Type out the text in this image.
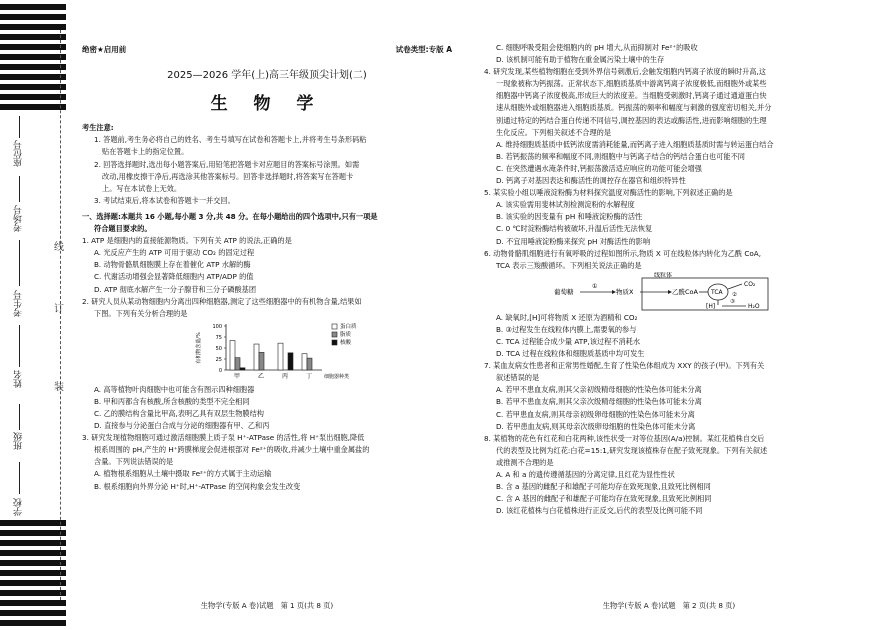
座位号
考场号
考生号
姓名
班级
学校
线
订
装
绝密★启用前	试卷类型:专版 A
2025—2026 学年(上)高三年级顶尖计划(二)
生 物 学
考生注意:
1. 答题前,考生务必将自己的姓名、考生号填写在试卷和答题卡上,并将考生号条形码粘
贴在答题卡上的指定位置。
2. 回答选择题时,选出每小题答案后,用铅笔把答题卡对应题目的答案标号涂黑。如需
改动,用橡皮擦干净后,再选涂其他答案标号。回答非选择题时,将答案写在答题卡
上。写在本试卷上无效。
3. 考试结束后,将本试卷和答题卡一并交回。
一、选择题:本题共 16 小题,每小题 3 分,共 48 分。在每小题给出的四个选项中,只有一项是
符合题目要求的。
1. ATP 是细胞内的直接能源物质。下列有关 ATP 的说法,正确的是
A. 光反应产生的 ATP 可用于驱动 CO₂ 的固定过程
B. 动物骨骼肌细胞膜上存在着催化 ATP 水解的酶
C. 代谢活动增强会显著降低细胞内 ATP/ADP 的值
D. ATP 彻底水解产生一分子腺苷和三分子磷酸基团
2. 研究人员从某动物细胞内分离出四种细胞器,测定了这些细胞器中的有机物含量,结果如
下图。下列有关分析合理的是
0
25
50
75
100
有机物含量/%
甲	乙	丙	丁 细胞器种类
蛋白质
脂质
核酸
A. 高等植物叶肉细胞中也可能含有图示四种细胞器
B. 甲和丙都含有核酸,所含核酸的类型不完全相同
C. 乙的膜结构含量比甲高,表明乙具有双层生物膜结构
D. 直接参与分泌蛋白合成与分泌的细胞器有甲、乙和丙
3. 研究发现植物细胞可通过激活细胞膜上质子泵 H⁺-ATPase 的活性,将 H⁺泵出细胞,降低
根系周围的 pH,产生的 H⁺跨膜梯度会促进根部对 Fe²⁺的吸收,并减少土壤中重金属盐的
含量。下列说法错误的是
A. 植物根系细胞从土壤中摄取 Fe²⁺的方式属于主动运输
B. 根系细胞向外界分泌 H⁺时,H⁺-ATPase 的空间构象会发生改变
生物学(专版 A 卷)试题　第 1 页(共 8 页)
C. 细胞呼吸受阻会使细胞内的 pH 增大,从而抑制对 Fe²⁺的吸收
D. 该机制可能有助于植物在重金属污染土壤中的生存
4. 研究发现,某些植物细胞在受到外界信号刺激后,会触发细胞内钙离子浓度的瞬时升高,这
一现象被称为钙振荡。正常状态下,细胞质基质中游离钙离子浓度极低,而细胞外或某些
细胞器中钙离子浓度极高,形成巨大的浓度差。当细胞受刺激时,钙离子通过通道蛋白快
速从细胞外或细胞器进入细胞质基质。钙振荡的频率和幅度与刺激的强度密切相关,并分
别通过特定的钙结合蛋白传递不同信号,调控基因的表达或酶活性,进而影响细胞的生理
生化反应。下列相关叙述不合理的是
A. 维持细胞质基质中低钙浓度需消耗能量,而钙离子进入细胞质基质时需与转运蛋白结合
B. 若钙振荡的频率和幅度不同,则细胞中与钙离子结合的钙结合蛋白也可能不同
C. 在突然遭遇水淹条件时,钙振荡激活适应响应的功能可能会增强
D. 钙离子对基因表达和酶活性的调控存在器官和组织特异性
5. 某实验小组以唾液淀粉酶为材料探究温度对酶活性的影响,下列叙述正确的是
A. 该实验需用斐林试剂检测淀粉的水解程度
B. 该实验的因变量有 pH 和唾液淀粉酶的活性
C. 0 ℃时淀粉酶结构被破坏,升温后活性无法恢复
D. 不宜用唾液淀粉酶来探究 pH 对酶活性的影响
6. 动物骨骼肌细胞进行有氧呼吸的过程如图所示,物质 X 可在线粒体内转化为乙酰 CoA,
TCA 表示三羧酸循环。下列相关说法正确的是
线粒体
葡萄糖
①
物质X	乙酰CoA TCA
CO₂
②
[H]
③
H₂O
A. 缺氧时,[H]可将物质 X 还原为酒精和 CO₂
B. ③过程发生在线粒体内膜上,需要氧的参与
C. TCA 过程能合成少量 ATP,该过程不消耗水
D. TCA 过程在线粒体和细胞质基质中均可发生
7. 某血友病女性患者和正常男性婚配,生育了性染色体组成为 XXY 的孩子(甲)。下列有关
叙述错误的是
A. 若甲不患血友病,则其父亲初级精母细胞的性染色体可能未分离
B. 若甲不患血友病,则其父亲次级精母细胞的性染色体可能未分离
C. 若甲患血友病,则其母亲初级卵母细胞的性染色体可能未分离
D. 若甲患血友病,则其母亲次级卵母细胞的性染色体可能未分离
8. 某植物的花色有红花和白花两种,该性状受一对等位基因(A/a)控制。某红花植株自交后
代的表型及比例为红花:白花=15:1,研究发现该植株存在配子致死现象。下列有关叙述
或推测不合理的是
A. A 和 a 的遗传遵循基因的分离定律,且红花为显性性状
B. 含 a 基因的雌配子和雄配子可能均存在致死现象,且致死比例相同
C. 含 A 基因的雌配子和雄配子可能均存在致死现象,且致死比例相同
D. 该红花植株与白花植株进行正反交,后代的表型及比例可能不同
生物学(专版 A 卷)试题　第 2 页(共 8 页)
